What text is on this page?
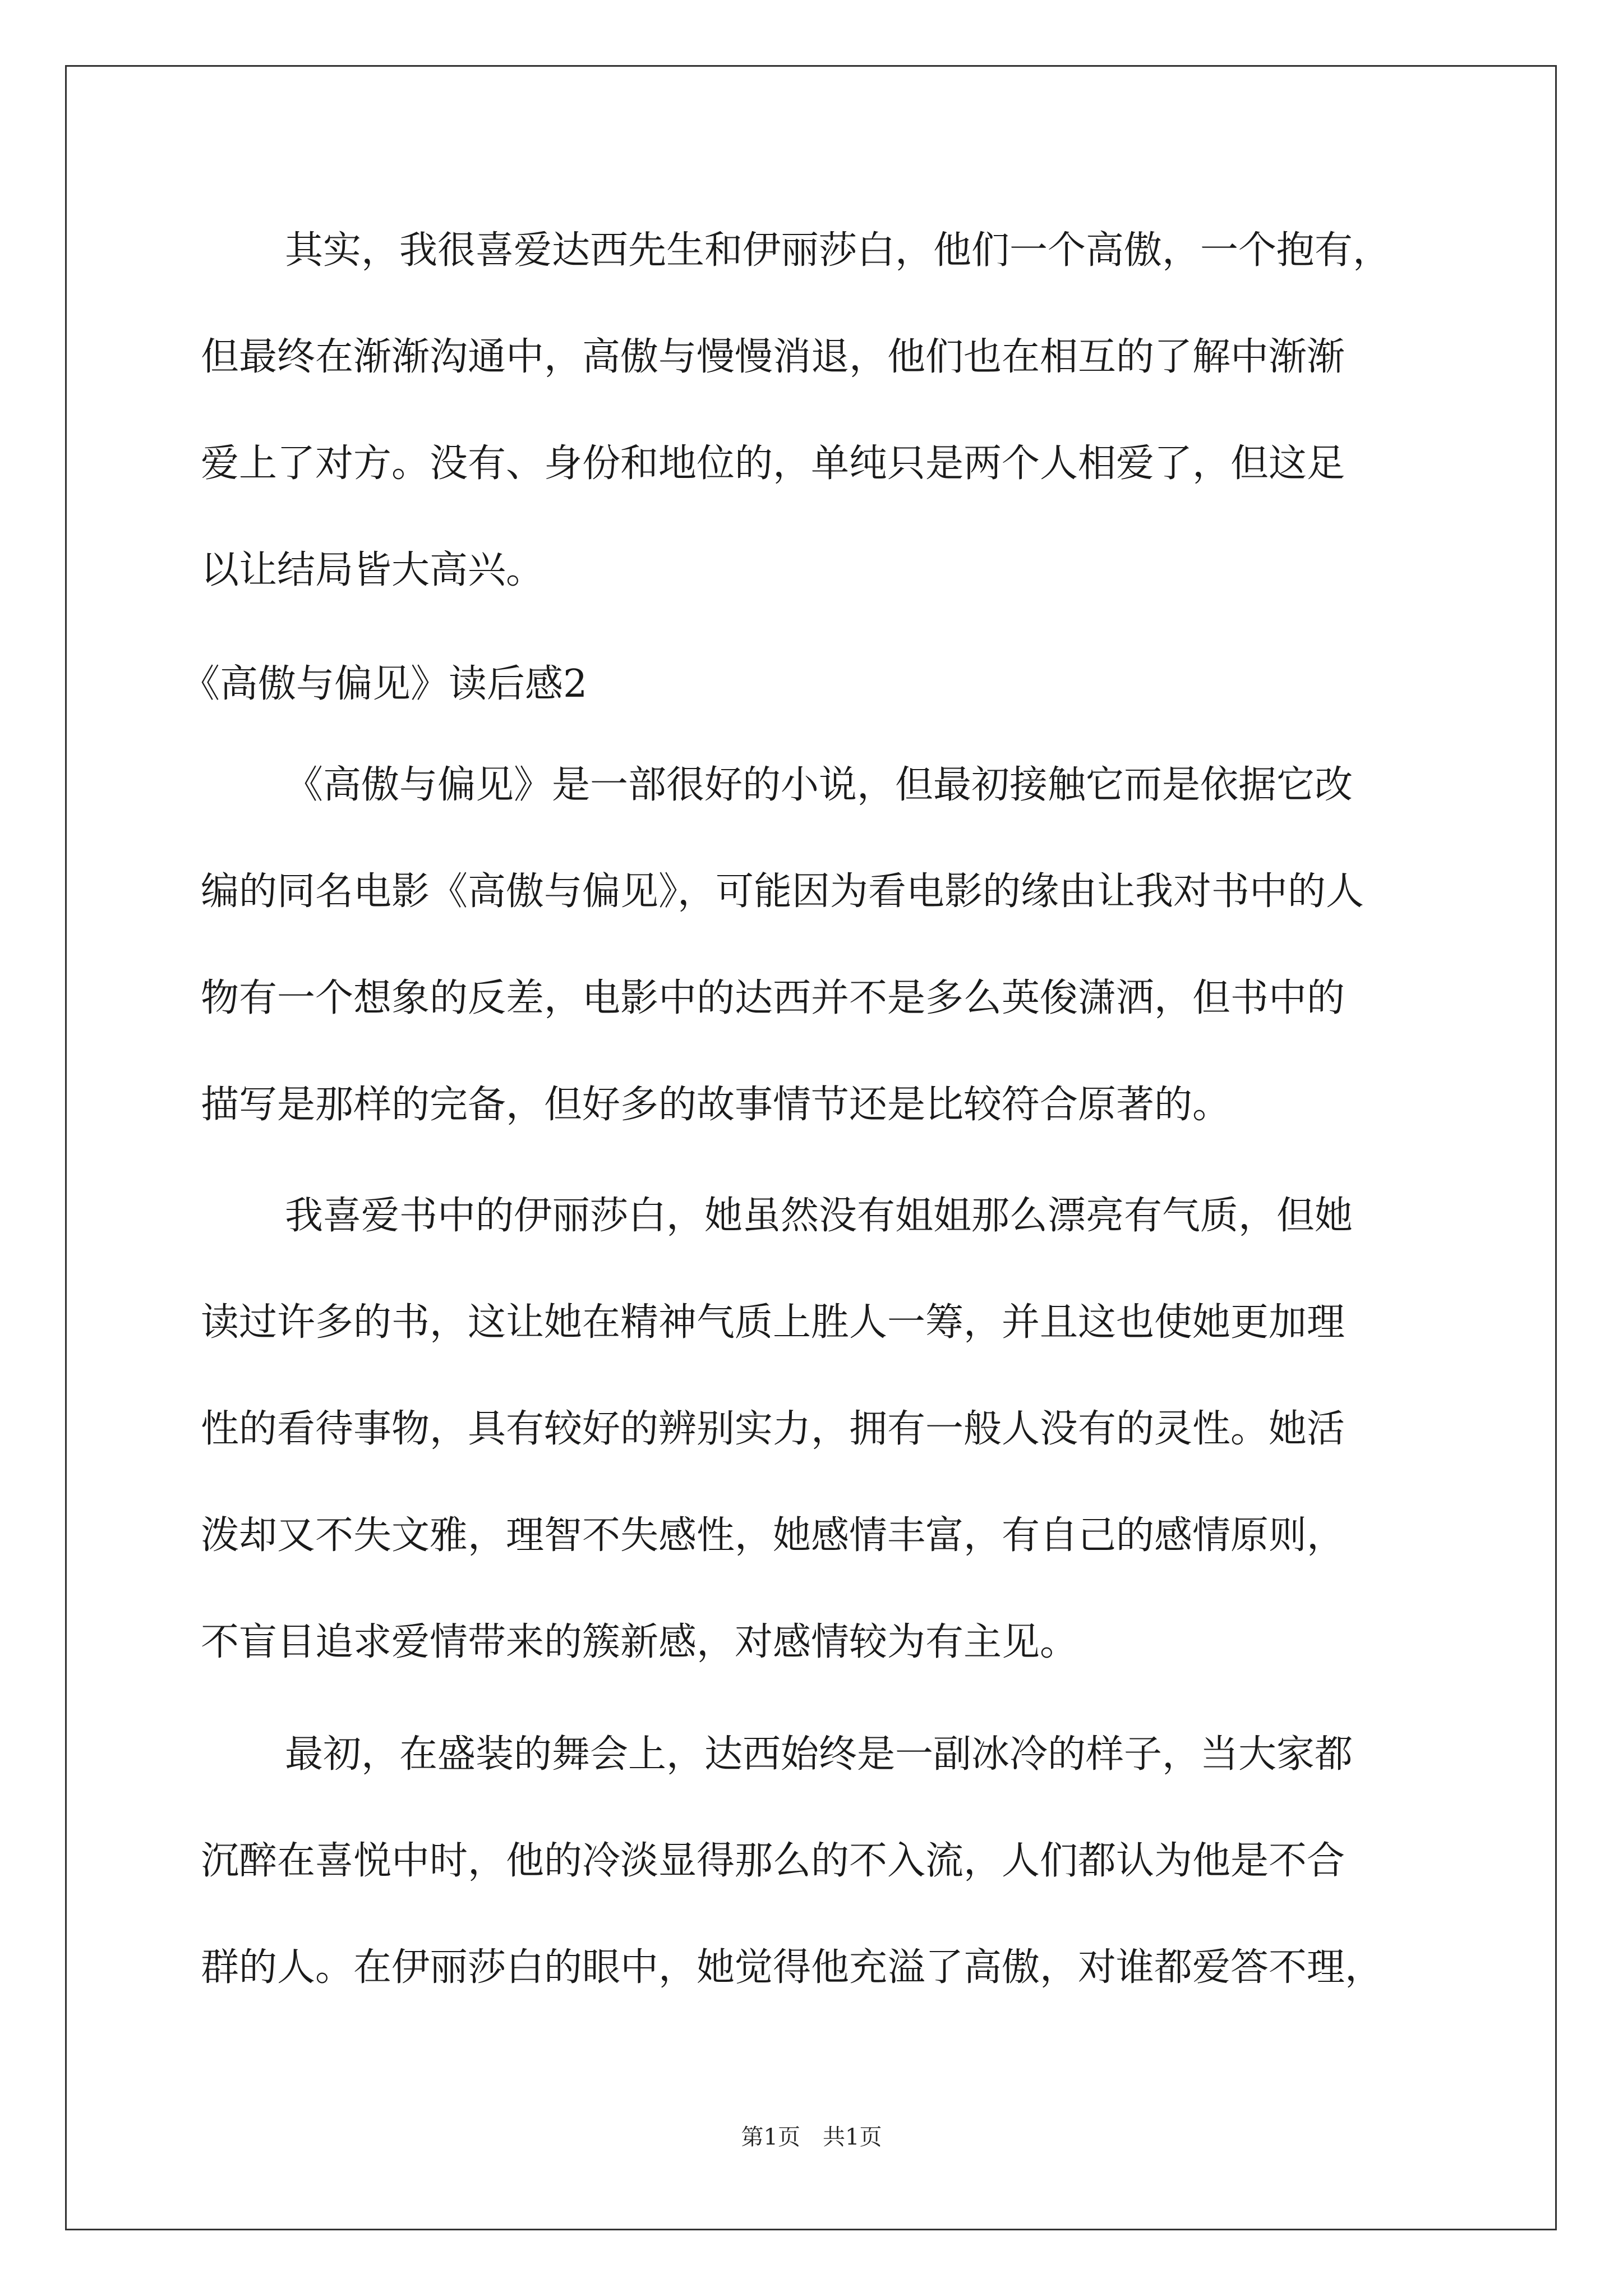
其实，我很喜爱达西先生和伊丽莎白，他们一个高傲，一个抱有，
但最终在渐渐沟通中，高傲与慢慢消退，他们也在相互的了解中渐渐
爱上了对方。没有、身份和地位的，单纯只是两个人相爱了，但这足
以让结局皆大高兴。
《高傲与偏见》读后感2
《高傲与偏见》是一部很好的小说，但最初接触它而是依据它改
编的同名电影《高傲与偏见》，可能因为看电影的缘由让我对书中的人
物有一个想象的反差，电影中的达西并不是多么英俊潇洒，但书中的
描写是那样的完备，但好多的故事情节还是比较符合原著的。
我喜爱书中的伊丽莎白，她虽然没有姐姐那么漂亮有气质，但她
读过许多的书，这让她在精神气质上胜人一筹，并且这也使她更加理
性的看待事物，具有较好的辨别实力，拥有一般人没有的灵性。她活
泼却又不失文雅，理智不失感性，她感情丰富，有自己的感情原则，
不盲目追求爱情带来的簇新感，对感情较为有主见。
最初，在盛装的舞会上，达西始终是一副冰冷的样子，当大家都
沉醉在喜悦中时，他的冷淡显得那么的不入流，人们都认为他是不合
群的人。在伊丽莎白的眼中，她觉得他充溢了高傲，对谁都爱答不理，
第1页 共1页
